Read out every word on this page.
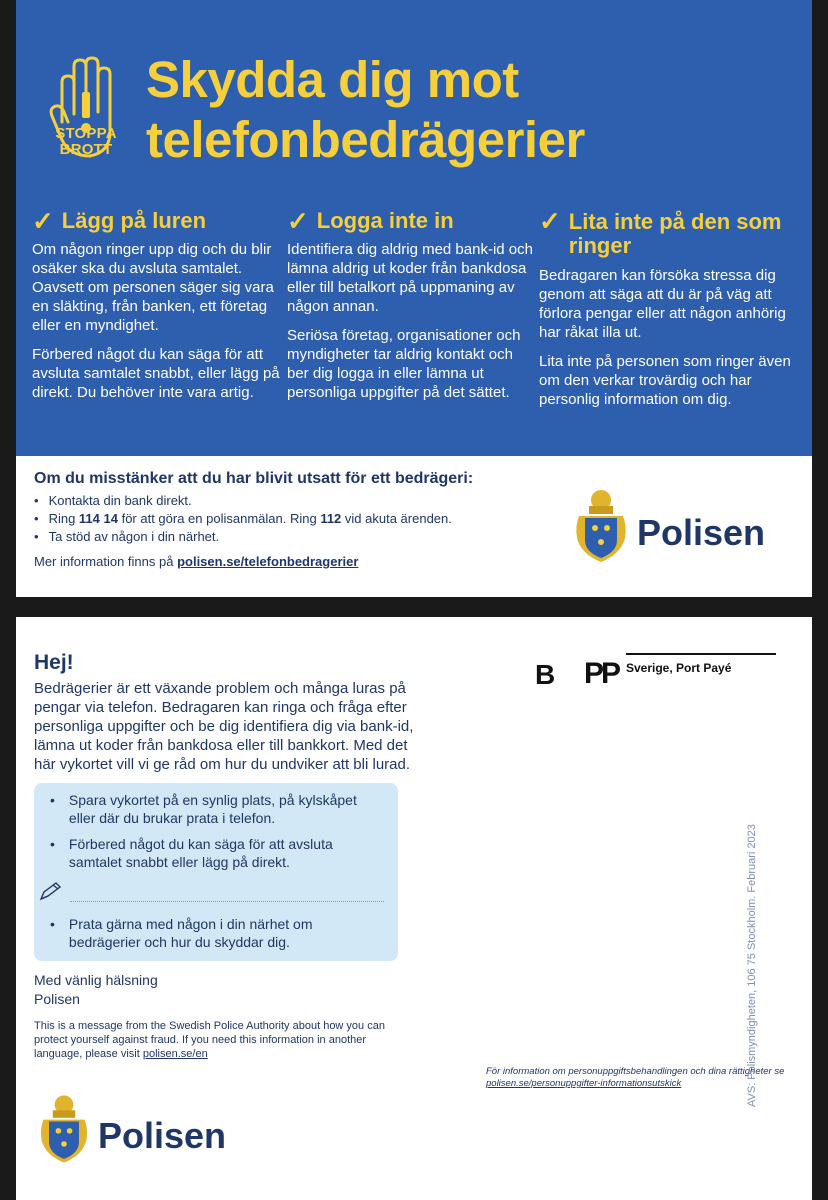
STOPPA
BROTT
Skydda dig mot
telefonbedrägerier
✓ Lägg på luren

Om någon ringer upp dig och du blir osäker ska du avsluta samtalet. Oavsett om personen säger sig vara en släkting, från banken, ett företag eller en myndighet.

Förbered något du kan säga för att avsluta samtalet snabbt, eller lägg på direkt. Du behöver inte vara artig.

✓ Logga inte in

Identifiera dig aldrig med bank-id och lämna aldrig ut koder från bankdosa eller till betalkort på uppmaning av någon annan.

Seriösa företag, organisationer och myndigheter tar aldrig kontakt och ber dig logga in eller lämna ut personliga uppgifter på det sättet.

✓ Lita inte på den som ringer

Bedragaren kan försöka stressa dig genom att säga att du är på väg att förlora pengar eller att någon anhörig har råkat illa ut.

Lita inte på personen som ringer även om den verkar trovärdig och har personlig information om dig.

Om du misstänker att du har blivit utsatt för ett bedrägeri:
• Kontakta din bank direkt.
• Ring 114 14 för att göra en polisanmälan. Ring 112 vid akuta ärenden.
• Ta stöd av någon i din närhet.
Mer information finns på polisen.se/telefonbedragerier
Polisen
Hej!
Bedrägerier är ett växande problem och många luras på pengar via telefon. Bedragaren kan ringa och fråga efter personliga uppgifter och be dig identifiera dig via bank-id, lämna ut koder från bankdosa eller till bankkort. Med det här vykortet vill vi ge råd om hur du undviker att bli lurad.
• Spara vykortet på en synlig plats, på kylskåpet eller där du brukar prata i telefon.
• Förbered något du kan säga för att avsluta samtalet snabbt eller lägg på direkt.
• Prata gärna med någon i din närhet om bedrägerier och hur du skyddar dig.
Med vänlig hälsning
Polisen
This is a message from the Swedish Police Authority about how you can protect yourself against fraud. If you need this information in another language, please visit polisen.se/en
Polisen
B PP Sverige, Port Payé
För information om personuppgiftsbehandlingen och dina rättigheter se polisen.se/personuppgifter-informationsutskick	AVS: Polismyndigheten, 106 75 Stockholm. Februari 2023
